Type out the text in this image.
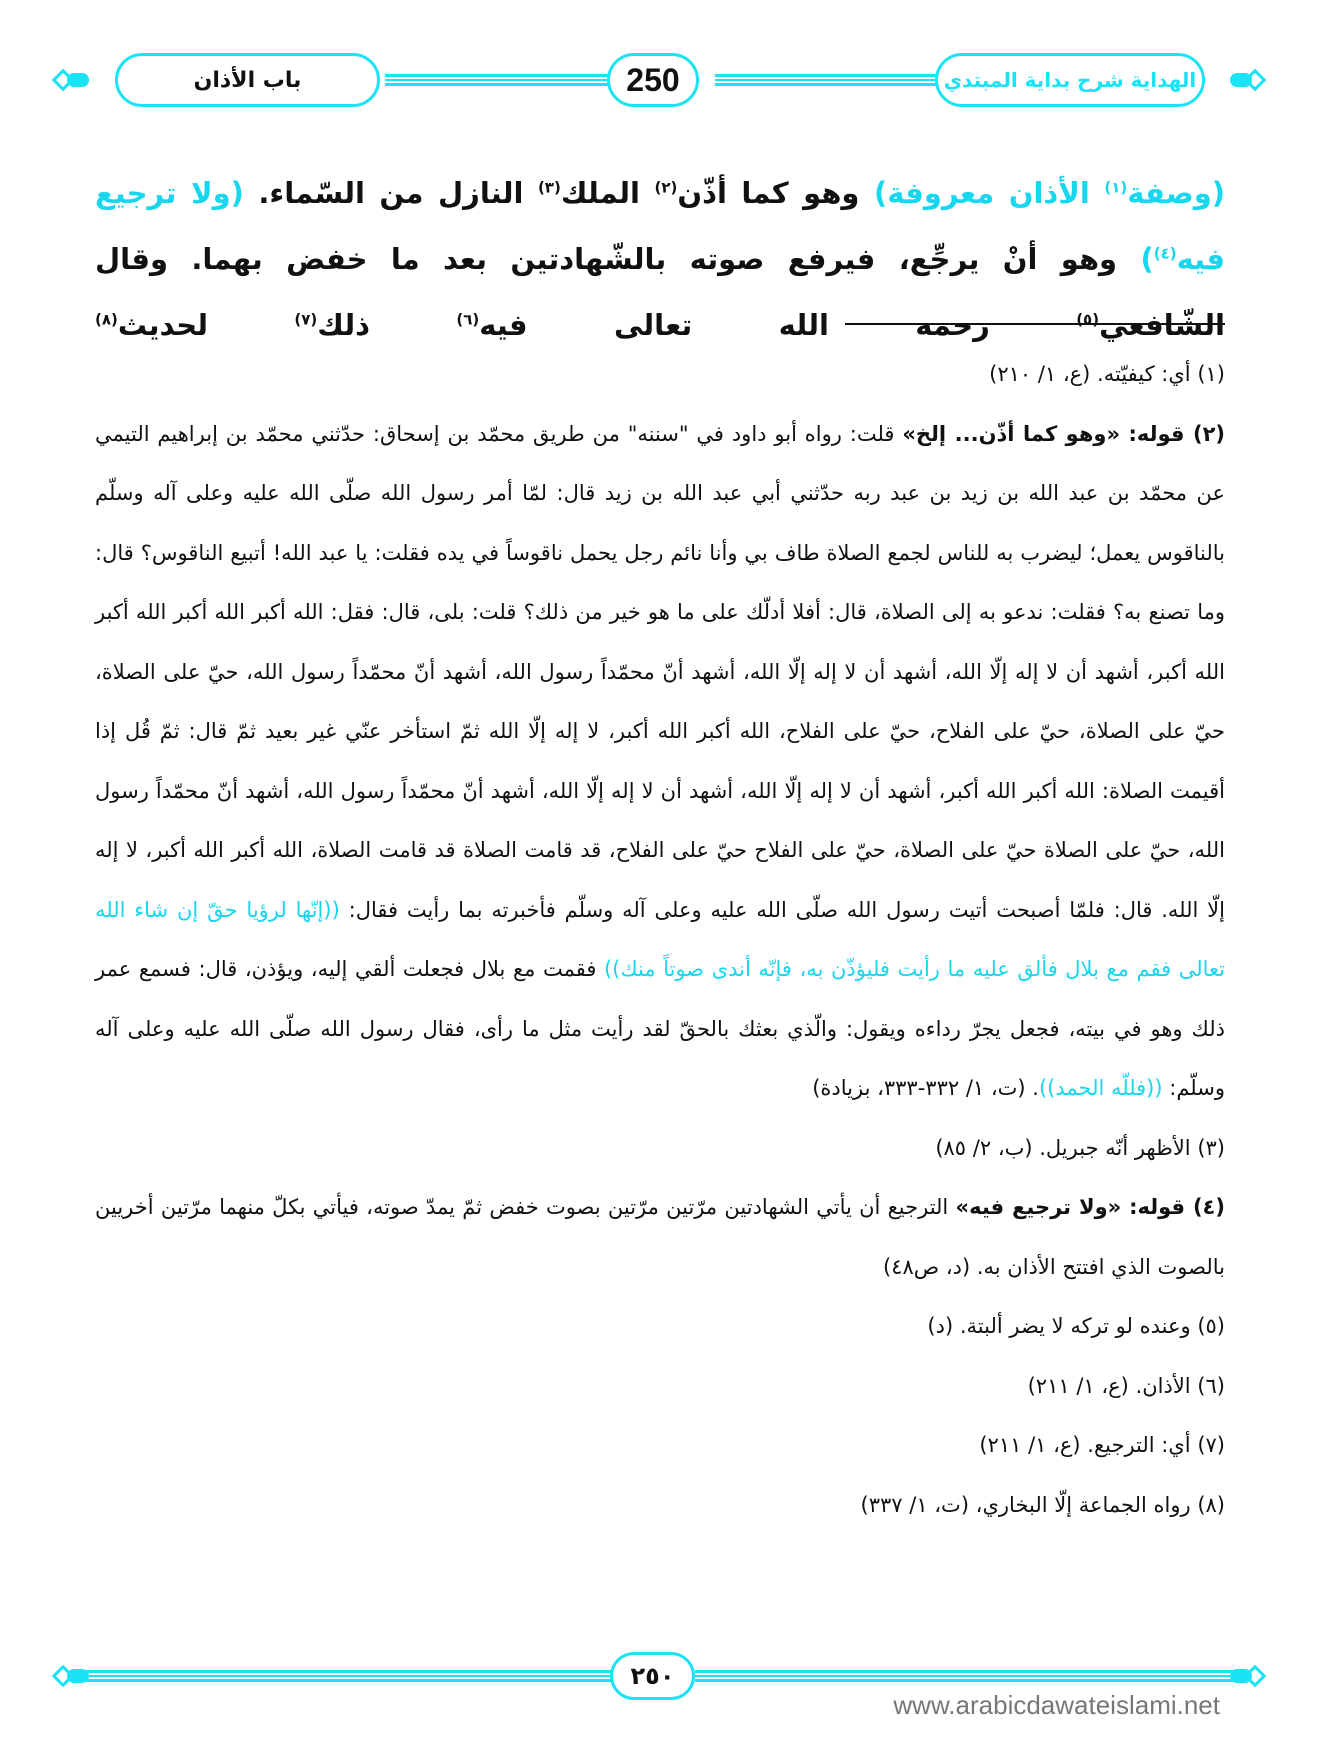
باب الأذان	250	الهداية شرح بداية المبتدي
(وصفة$^{(١)}$ الأذان معروفة) وهو كما أذّن$^{(٢)}$ الملك$^{(٣)}$ النازل من السّماء. (ولا ترجيع فيه$^{(٤)}$) وهو أنْ يرجِّع، فيرفع صوته بالشّهادتين بعد ما خفض بهما. وقال الشّافعي$^{(٥)}$ رحمه الله تعالى فيه$^{(٦)}$ ذلك$^{(٧)}$ لحديث$^{(٨)}$

(١) أي: كيفيّته. (ع، ١/ ٢١٠)

(٢) قوله: «وهو كما أذّن... إلخ» قلت: رواه أبو داود في "سننه" من طريق محمّد بن إسحاق: حدّثني محمّد بن إبراهيم التيمي عن محمّد بن عبد الله بن زيد بن عبد ربه حدّثني أبي عبد الله بن زيد قال: لمّا أمر رسول الله صلّى الله عليه وعلى آله وسلّم بالناقوس يعمل؛ ليضرب به للناس لجمع الصلاة طاف بي وأنا نائم رجل يحمل ناقوساً في يده فقلت: يا عبد الله! أتبيع الناقوس؟ قال: وما تصنع به؟ فقلت: ندعو به إلى الصلاة، قال: أفلا أدلّك على ما هو خير من ذلك؟ قلت: بلى، قال: فقل: الله أكبر الله أكبر الله أكبر الله أكبر، أشهد أن لا إله إلّا الله، أشهد أن لا إله إلّا الله، أشهد أنّ محمّداً رسول الله، أشهد أنّ محمّداً رسول الله، حيّ على الصلاة، حيّ على الصلاة، حيّ على الفلاح، حيّ على الفلاح، الله أكبر الله أكبر، لا إله إلّا الله ثمّ استأخر عنّي غير بعيد ثمّ قال: ثمّ قُل إذا أقيمت الصلاة: الله أكبر الله أكبر، أشهد أن لا إله إلّا الله، أشهد أن لا إله إلّا الله، أشهد أنّ محمّداً رسول الله، أشهد أنّ محمّداً رسول الله، حيّ على الصلاة حيّ على الصلاة، حيّ على الفلاح حيّ على الفلاح، قد قامت الصلاة قد قامت الصلاة، الله أكبر الله أكبر، لا إله إلّا الله. قال: فلمّا أصبحت أتيت رسول الله صلّى الله عليه وعلى آله وسلّم فأخبرته بما رأيت فقال: ((إنّها لرؤيا حقّ إن شاء الله تعالى فقم مع بلال فألق عليه ما رأيت فليؤذّن به، فإنّه أندى صوتاً منك)) فقمت مع بلال فجعلت ألقي إليه، ويؤذن، قال: فسمع عمر ذلك وهو في بيته، فجعل يجرّ رداءه ويقول: والّذي بعثك بالحقّ لقد رأيت مثل ما رأى، فقال رسول الله صلّى الله عليه وعلى آله وسلّم: ((فللّه الحمد)). (ت، ١/ ٣٣٢-٣٣٣، بزيادة)

(٣) الأظهر أنّه جبريل. (ب، ٢/ ٨٥)

(٤) قوله: «ولا ترجيع فيه» الترجيع أن يأتي الشهادتين مرّتين مرّتين بصوت خفض ثمّ يمدّ صوته، فيأتي بكلّ منهما مرّتين أخريين بالصوت الذي افتتح الأذان به. (د، ص٤٨)

(٥) وعنده لو تركه لا يضر ألبتة. (د)

(٦) الأذان. (ع، ١/ ٢١١)

(٧) أي: الترجيع. (ع، ١/ ٢١١)

(٨) رواه الجماعة إلّا البخاري، (ت، ١/ ٣٣٧)

٢٥٠
www.arabicdawateislami.net
